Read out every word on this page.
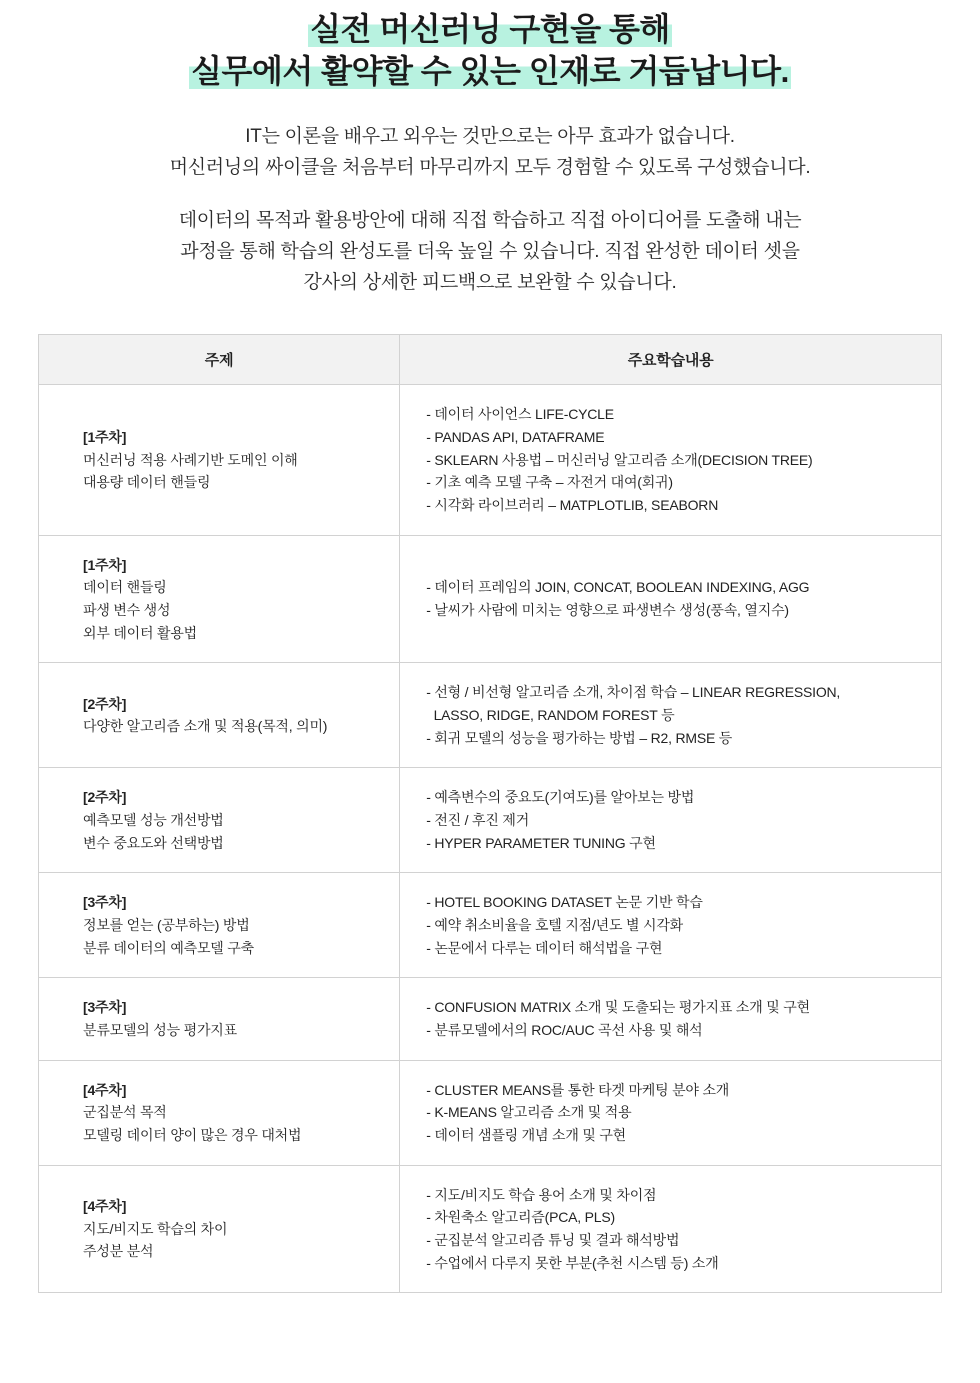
실전 머신러닝 구현을 통해
실무에서 활약할 수 있는 인재로 거듭납니다.

IT는 이론을 배우고 외우는 것만으로는 아무 효과가 없습니다.
머신러닝의 싸이클을 처음부터 마무리까지 모두 경험할 수 있도록 구성했습니다.

데이터의 목적과 활용방안에 대해 직접 학습하고 직접 아이디어를 도출해 내는
과정을 통해 학습의 완성도를 더욱 높일 수 있습니다. 직접 완성한 데이터 셋을
강사의 상세한 피드백으로 보완할 수 있습니다.

주제	주요학습내용

[1주차]
머신러닝 적용 사례기반 도메인 이해
대용량 데이터 핸들링	- 데이터 사이언스 LIFE-CYCLE
- PANDAS API, DATAFRAME
- SKLEARN 사용법 – 머신러닝 알고리즘 소개(DECISION TREE)
- 기초 예측 모델 구축 – 자전거 대여(회귀)
- 시각화 라이브러리 – MATPLOTLIB, SEABORN

[1주차]
데이터 핸들링
파생 변수 생성
외부 데이터 활용법	- 데이터 프레임의 JOIN, CONCAT, BOOLEAN INDEXING, AGG
- 날씨가 사람에 미치는 영향으로 파생변수 생성(풍속, 열지수)

[2주차]
다양한 알고리즘 소개 및 적용(목적, 의미)	- 선형 / 비선형 알고리즘 소개, 차이점 학습 – LINEAR REGRESSION,
LASSO, RIDGE, RANDOM FOREST 등
- 회귀 모델의 성능을 평가하는 방법 – R2, RMSE 등

[2주차]
예측모델 성능 개선방법
변수 중요도와 선택방법	- 예측변수의 중요도(기여도)를 알아보는 방법
- 전진 / 후진 제거
- HYPER PARAMETER TUNING 구현

[3주차]
정보를 얻는 (공부하는) 방법
분류 데이터의 예측모델 구축	- HOTEL BOOKING DATASET 논문 기반 학습
- 예약 취소비율을 호텔 지점/년도 별 시각화
- 논문에서 다루는 데이터 해석법을 구현

[3주차]
분류모델의 성능 평가지표	- CONFUSION MATRIX 소개 및 도출되는 평가지표 소개 및 구현
- 분류모델에서의 ROC/AUC 곡선 사용 및 해석

[4주차]
군집분석 목적
모델링 데이터 양이 많은 경우 대처법	- CLUSTER MEANS를 통한 타겟 마케팅 분야 소개
- K-MEANS 알고리즘 소개 및 적용
- 데이터 샘플링 개념 소개 및 구현

[4주차]
지도/비지도 학습의 차이
주성분 분석	- 지도/비지도 학습 용어 소개 및 차이점
- 차원축소 알고리즘(PCA, PLS)
- 군집분석 알고리즘 튜닝 및 결과 해석방법
- 수업에서 다루지 못한 부분(추천 시스템 등) 소개
